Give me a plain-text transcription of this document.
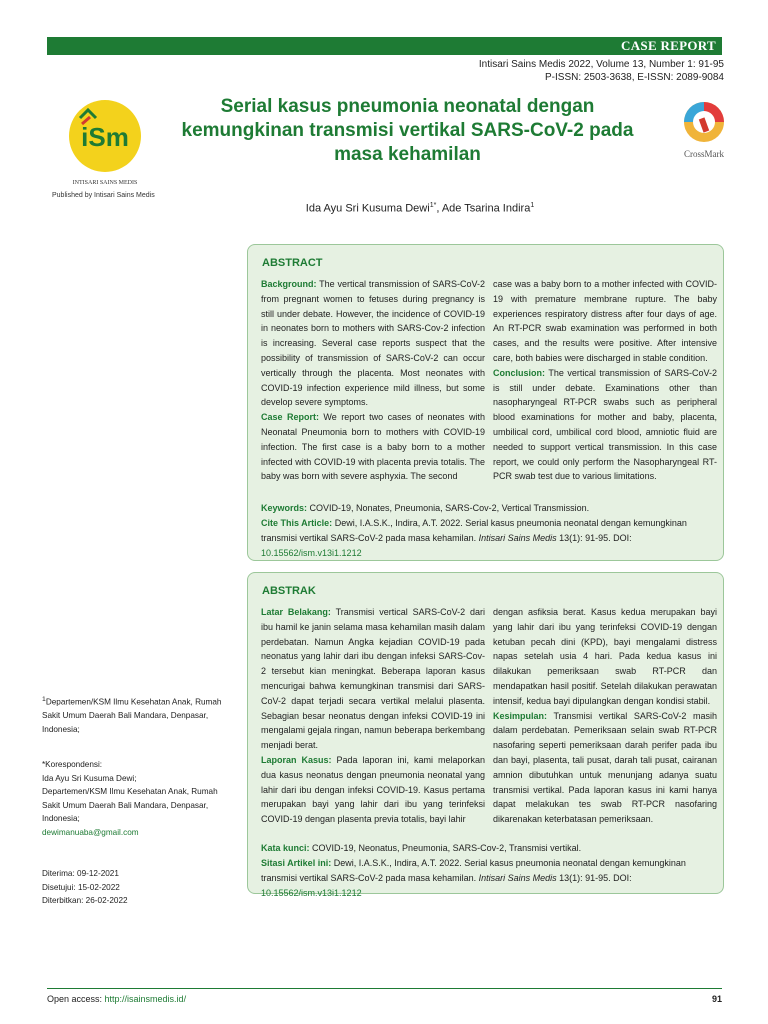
CASE REPORT
Intisari Sains Medis 2022, Volume 13, Number 1: 91-95
P-ISSN: 2503-3638, E-ISSN: 2089-9084
iSm
INTISARI SAINS MEDIS
Published by Intisari Sains Medis
Serial kasus pneumonia neonatal dengan
kemungkinan transmisi vertikal SARS-CoV-2 pada
masa kehamilan	CrossMark
Ida Ayu Sri Kusuma Dewi$^{1*}$, Ade Tsarina Indira$^1$
ABSTRACT
Background: The vertical transmission of SARS-CoV-2 from pregnant women to fetuses during pregnancy is still under debate. However, the incidence of COVID-19 in neonates born to mothers with SARS-Cov-2 infection is increasing. Several case reports suspect that the possibility of transmission of SARS-CoV-2 can occur vertically through the placenta. Most neonates with COVID-19 infection experience mild illness, but some develop severe symptoms.
Case Report: We report two cases of neonates with Neonatal Pneumonia born to mothers with COVID-19 infection. The first case is a baby born to a mother infected with COVID-19 with placenta previa totalis. The baby was born with severe asphyxia. The second
case was a baby born to a mother infected with COVID-19 with premature membrane rupture. The baby experiences respiratory distress after four days of age. An RT-PCR swab examination was performed in both cases, and the results were positive. After intensive care, both babies were discharged in stable condition.
Conclusion: The vertical transmission of SARS-CoV-2 is still under debate. Examinations other than nasopharyngeal RT-PCR swabs such as peripheral blood examinations for mother and baby, placenta, umbilical cord, umbilical cord blood, amniotic fluid are needed to support vertical transmission. In this case report, we could only perform the Nasopharyngeal RT-PCR swab test due to various limitations.
Keywords: COVID-19, Nonates, Pneumonia, SARS-Cov-2, Vertical Transmission.
Cite This Article: Dewi, I.A.S.K., Indira, A.T. 2022. Serial kasus pneumonia neonatal dengan kemungkinan transmisi vertikal SARS-CoV-2 pada masa kehamilan. Intisari Sains Medis 13(1): 91-95. DOI: 10.15562/ism.v13i1.1212
ABSTRAK
Latar Belakang: Transmisi vertical SARS-CoV-2 dari ibu hamil ke janin selama masa kehamilan masih dalam perdebatan. Namun Angka kejadian COVID-19 pada neonatus yang lahir dari ibu dengan infeksi SARS-Cov-2 tersebut kian meningkat. Beberapa laporan kasus mencurigai bahwa kemungkinan transmisi dari SARS-CoV-2 dapat terjadi secara vertikal melalui plasenta. Sebagian besar neonatus dengan infeksi COVID-19 ini mengalami gejala ringan, namun beberapa berkembang menjadi berat.
Laporan Kasus: Pada laporan ini, kami melaporkan dua kasus neonatus dengan pneumonia neonatal yang lahir dari ibu dengan infeksi COVID-19. Kasus pertama merupakan bayi yang lahir dari ibu yang terinfeksi COVID-19 dengan plasenta previa totalis, bayi lahir
dengan asfiksia berat. Kasus kedua merupakan bayi yang lahir dari ibu yang terinfeksi COVID-19 dengan ketuban pecah dini (KPD), bayi mengalami distress napas setelah usia 4 hari. Pada kedua kasus ini dilakukan pemeriksaan swab RT-PCR dan mendapatkan hasil positif. Setelah dilakukan perawatan intensif, kedua bayi dipulangkan dengan kondisi stabil.
Kesimpulan: Transmisi vertikal SARS-CoV-2 masih dalam perdebatan. Pemeriksaan selain swab RT-PCR nasofaring seperti pemeriksaan darah perifer pada ibu dan bayi, plasenta, tali pusat, darah tali pusat, cairanan amnion dibutuhkan untuk menunjang adanya suatu transmisi vertikal. Pada laporan kasus ini kami hanya dapat melakukan tes swab RT-PCR nasofaring dikarenakan keterbatasan pemeriksaan.
Kata kunci: COVID-19, Neonatus, Pneumonia, SARS-Cov-2, Transmisi vertikal.
Sitasi Artikel ini: Dewi, I.A.S.K., Indira, A.T. 2022. Serial kasus pneumonia neonatal dengan kemungkinan transmisi vertikal SARS-CoV-2 pada masa kehamilan. Intisari Sains Medis 13(1): 91-95. DOI: 10.15562/ism.v13i1.1212
$^1$Departemen/KSM Ilmu Kesehatan Anak, Rumah Sakit Umum Daerah Bali Mandara, Denpasar, Indonesia;
*Korespondensi:
Ida Ayu Sri Kusuma Dewi;
Departemen/KSM Ilmu Kesehatan Anak, Rumah Sakit Umum Daerah Bali Mandara, Denpasar, Indonesia;
dewimanuaba@gmail.com
Diterima: 09-12-2021
Disetujui: 15-02-2022
Diterbitkan: 26-02-2022
Open access: http://isainsmedis.id/	91
